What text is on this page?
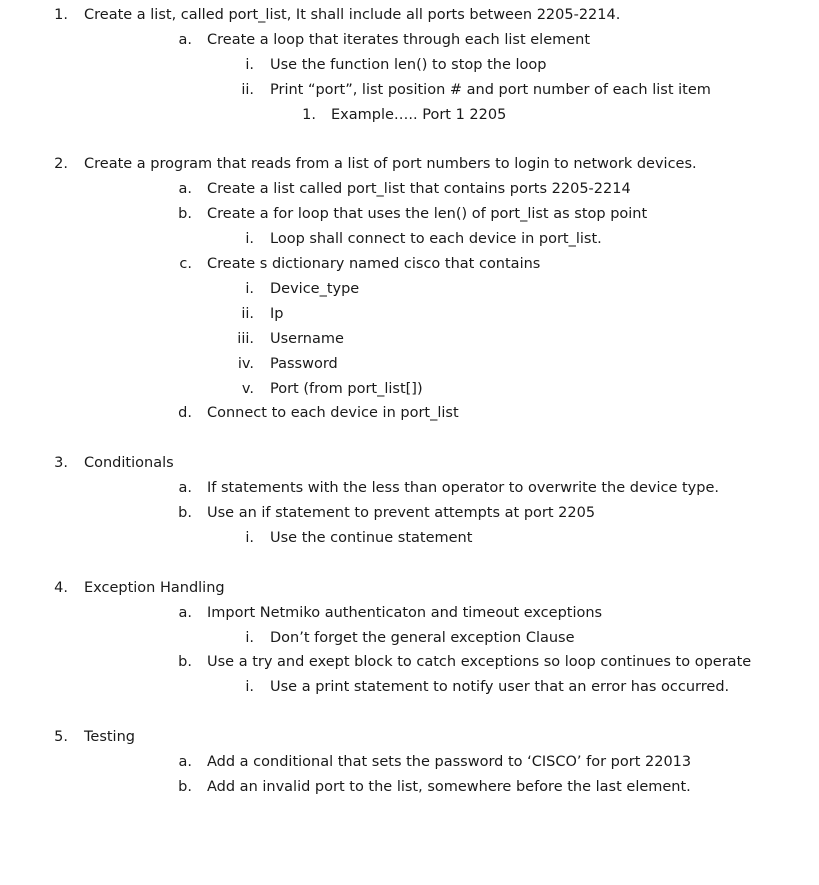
1. Create a list, called port_list, It shall include all ports between 2205-2214.
a. Create a loop that iterates through each list element
i. Use the function len() to stop the loop
ii. Print “port”, list position # and port number of each list item
1. Example….. Port 1 2205
2. Create a program that reads from a list of port numbers to login to network devices.
a. Create a list called port_list that contains ports 2205-2214
b. Create a for loop that uses the len() of port_list as stop point
i. Loop shall connect to each device in port_list.
c. Create s dictionary named cisco that contains
i. Device_type
ii. Ip
iii. Username
iv. Password
v. Port (from port_list[])
d. Connect to each device in port_list
3. Conditionals
a. If statements with the less than operator to overwrite the device type.
b. Use an if statement to prevent attempts at port 2205
i. Use the continue statement
4. Exception Handling
a. Import Netmiko authenticaton and timeout exceptions
i. Don’t forget the general exception Clause
b. Use a try and exept block to catch exceptions so loop continues to operate
i. Use a print statement to notify user that an error has occurred.
5. Testing
a. Add a conditional that sets the password to ‘CISCO’ for port 22013
b. Add an invalid port to the list, somewhere before the last element.
